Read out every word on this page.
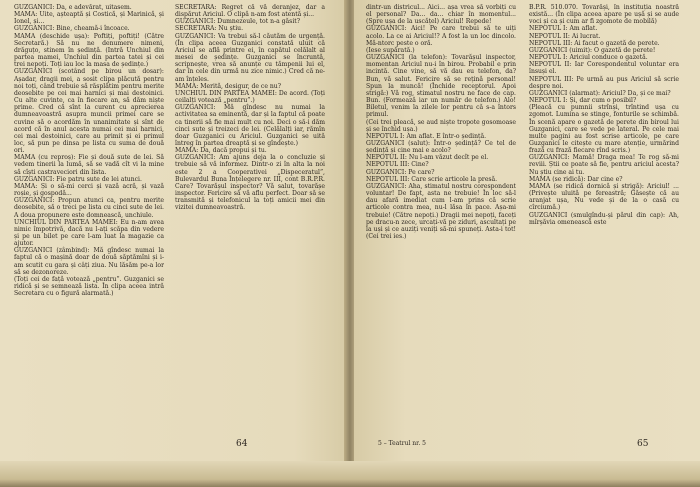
GUZGANICI: Da, e adevărat, uitasem.

MAMA: Uite, așteaptă și Costică, și Marinică, și Ionel, și...

GUZGANICI: Bine, cheamă-i încoace.

MAMA (deschide ușa): Poftiți, poftiți! (Către Secretară.) Să nu ne denumere nimeni, drăguțo, stinem în ședință. (Intră Unchiul din partea mamei, Unchiul din partea tatei și cei trei nepoți. Toți iau loc la masa de ședințe.)

GUZGANICI (scotând pe birou un dosar): Așadar, dragii mei, a sosit clipa plăcută pentru noi toți, când trebuie să răsplătim pentru merite deosebite pe cei mai harnici și mai destoinici. Cu alte cuvinte, ca în fiecare an, să dăm niște prime. Cred că sînt la curent cu aprecierea dumneavoastră asupra muncii primei care se cuvine să o acordăm în unanimitate și sînt de acord că în anul acesta numai cei mai harnici, cei mai destoinici, care au primit și ei primul loc, să pun pe dinsa pe lista cu suma de două ori.

MAMA (cu reproș): Fie și două sute de lei. Să vedem tinerii la lumă, să se vadă cît vi la mine să cîști castraveciori din lista.

GUZGANICI: Fie patru sute de lei atunci.

MAMA: Și o să-mi cerci și vază acră, și vază roșie, și gospodă...

GUZGANICI: Propun atunci ca, pentru merite deosebite, să o treci pe lista cu cinci sute de lei. A doua propunere este domnească, unchiule.

UNCHIUL DIN PARTEA MAMEI: Eu n-am avea nimic împotrivă, dacă nu l-ați scăpa din vedere și pe un bilet pe care l-am luat la magazie ca ajutor.

GUZGANICI (zâmbind): Mă gîndesc numai la faptul că o mașină doar de două săptămîni și i-am scutit cu gara și câți ziua. Nu lăsăm pe-a lor să se dezonoreze.

(Toți cei de față votează „pentru”. Guzganici se ridică și se semnează lista. În clipa aceea intră Secretara cu o figură alarmată.)

SECRETARA: Regret că vă deranjez, dar a dispărut Ariciul. O clipă n-am fost atentă și...

GUZGANICI: Dumnezeule, tot n-a găsit?

SECRETARA: Nu știu.

GUZGANICI: Va trebui să-l căutăm de urgență. (În clipa aceea Guzganici constată uluit că Ariciul se află printre ei, în capătul celălalt al mesei de ședințe. Guzganici se încruntă, scripnește, vrea să anunțe cu tămpenii lui el, dar în cele din urmă nu zice nimic.) Cred că ne-am înțeles.

MAMA: Merită, desigur, de ce nu?

UNCHIUL DIN PARTEA MAMEI: De acord. (Toți ceilalți votează „pentru”.)

GUZGANICI: Mă gîndesc nu numai la activitatea sa eminentă, dar și la faptul că poate ca tinerii să fie mai mult cu noi. Deci o să-i dăm cinci sute și treizeci de lei. (Celălalți iar, rămîn doar Guzganici cu Ariciul. Guzganici se uită întreg în partea dreaptă și se gîndește.)

MAMA: Da, dacă propui și tu.

GUZGANICI: Am ajuns deja la o concluzie și trebuie să vă informez. Dintr-o zi în alta la noi este 2 a Cooperativei „Dispeceratul”, Bulevardul Buna Înțelegere nr. III, cont B.R.P.R. Care? Tovarășul inspector? Vă salut, tovarășe inspector. Fericire să vă aflu perfect. Doar să se transmită și telefonicul la toți amicii mei din vizitei dumneavoastră.

64

dintr-un districul... Aici... așa vrea să vorbiți cu el personal? Da... da... chiar în momentul... (Spre ușa de la uscățel) Ariciul! Repede!

GUZGANICI: Aici! Pe care trebui să te uiți acolo. La ce ai Ariciul!? A fost la un loc dincolo. Mă-ntorc peste o oră.

(Iese supărată.)

GUZGANICI (la telefon): Tovarășul inspector, momentan Ariciul nu-i în birou. Probabil e prin incintă. Cine vine, să vă dau eu telefon, da? Bun, vă salut. Fericire să se rețină personal! Spun la muncă! (Închide receptorul. Apoi strigă:) Vă rog, stimatul nostru ne face de cap. Bun. (Formează iar un număr de telefon.) Alo! Biletul, venim la zilele lor pentru că s-a întors primul.

(Cei trei pleacă, se aud niște tropote gosomoase și se închid ușa.)

NEPOTUL I: Am aflat. E într-o ședință.

GUZGANICI (salut): Într-o ședință? Ce tel de ședință și cine mai e acolo?

NEPOTUL II: Nu l-am văzut decît pe el.

NEPOTUL III: Cine?

GUZGANICI: Pe care?

NEPOTUL III: Care scrie articole la presă.

GUZGANICI: Aha, stimatul nostru corespondent voluntar! De fapt, asta ne trebuie! În loc să-l dau afară imediat cum l-am prins că scrie articole contra mea, nu-l lăsa în pace. Așa-mi trebuie! (Către nepoți.) Dragii mei nepoți, faceți pe dracu-n zece, urcați-vă pe ziduri, ascultați pe la uși și ce auziți veniți să-mi spuneți. Asta-i tot! (Cei trei ies.)

B.P.R. 510.070. Tovarăși, în instituția noastră există... (În clipa aceea apare pe ușă și se aude voci și ca și cum ar fi zgomote de mobilă)

NEPOTUL I: Am aflat.

NEPOTUL II: Ai lucrat.

NEPOTUL III: Ai facut o gazetă de perete.

GUZGANICI (uimit): O gazetă de perete!

NEPOTUL I: Ariciul conduce o gazetă.

NEPOTUL II: Iar Corespondentul voluntar era însuși el.

NEPOTUL III: Pe urmă au pus Ariciul să scrie despre noi.

GUZGANICI (alarmat): Ariciul? Da, și ce mai?

NEPOTUL I: Și, dar cum o posibil?

(Pleacă cu pumnii strînși, trîntind ușa cu zgomot. Lumina se stinge, fonturile se schimbă. În scenă apare o gazetă de perete din biroul lui Guzganici, care se vede pe lateral. Pe cele mai multe pagini au fost scrise articole, pe care Guzganici le citește cu mare atenție, urmărind frază cu frază fiecare rînd scris.)

GUZGANICI: Mamă! Draga mea! Te rog să-mi reviii. Știi ce poate să fie, pentru ariciul acesta? Nu știu cine ai tu.

MAMA (se ridică): Dar cine e?

MAMA (se ridică dornică și strigă): Ariciul! ... (Privește uluită pe fereastră; Găsește că au aranjat ușa, Nu vede și de la o casă cu cîrciumă.)

GUZGANICI (smulgîndu-și părul din cap): Ah, mîrșăvia omenească este

5 – Teatrul nr. 5	65
